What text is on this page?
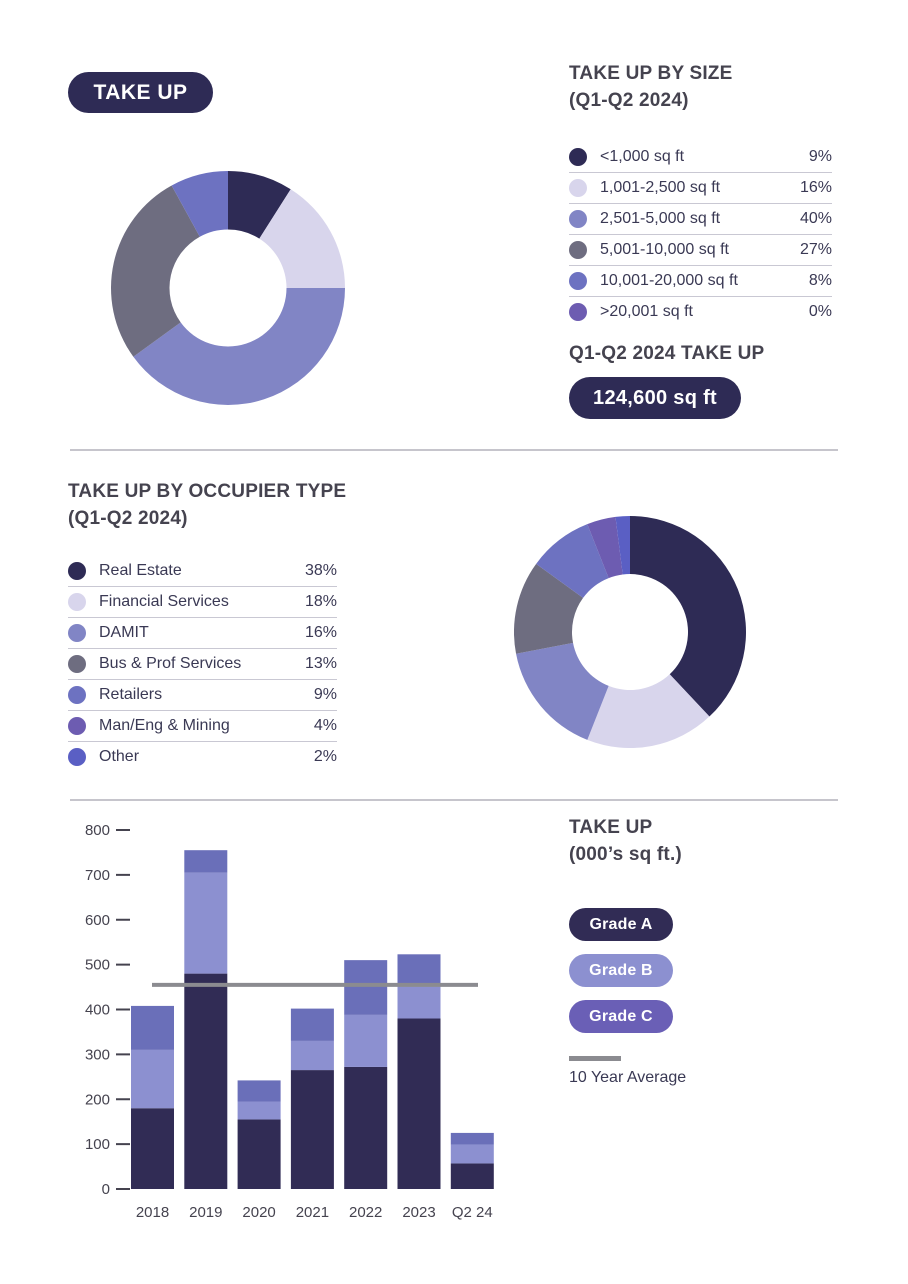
TAKE UP
TAKE UP BY SIZE
(Q1-Q2 2024)
<1,000 sq ft	9%
1,001-2,500 sq ft	16%
2,501-5,000 sq ft	40%
5,001-10,000 sq ft	27%
10,001-20,000 sq ft	8%
>20,001 sq ft	0%
Q1-Q2 2024 TAKE UP
124,600 sq ft
TAKE UP BY OCCUPIER TYPE
(Q1-Q2 2024)
Real Estate	38%
Financial Services	18%
DAMIT	16%
Bus & Prof Services	13%
Retailers	9%
Man/Eng & Mining	4%
Other	2%
0
100
200
300
400
500
600
700
800
2018 2019 2020 2021 2022 2023 Q2 24
TAKE UP
(000’s sq ft.)
Grade A
Grade B
Grade C
10 Year Average
